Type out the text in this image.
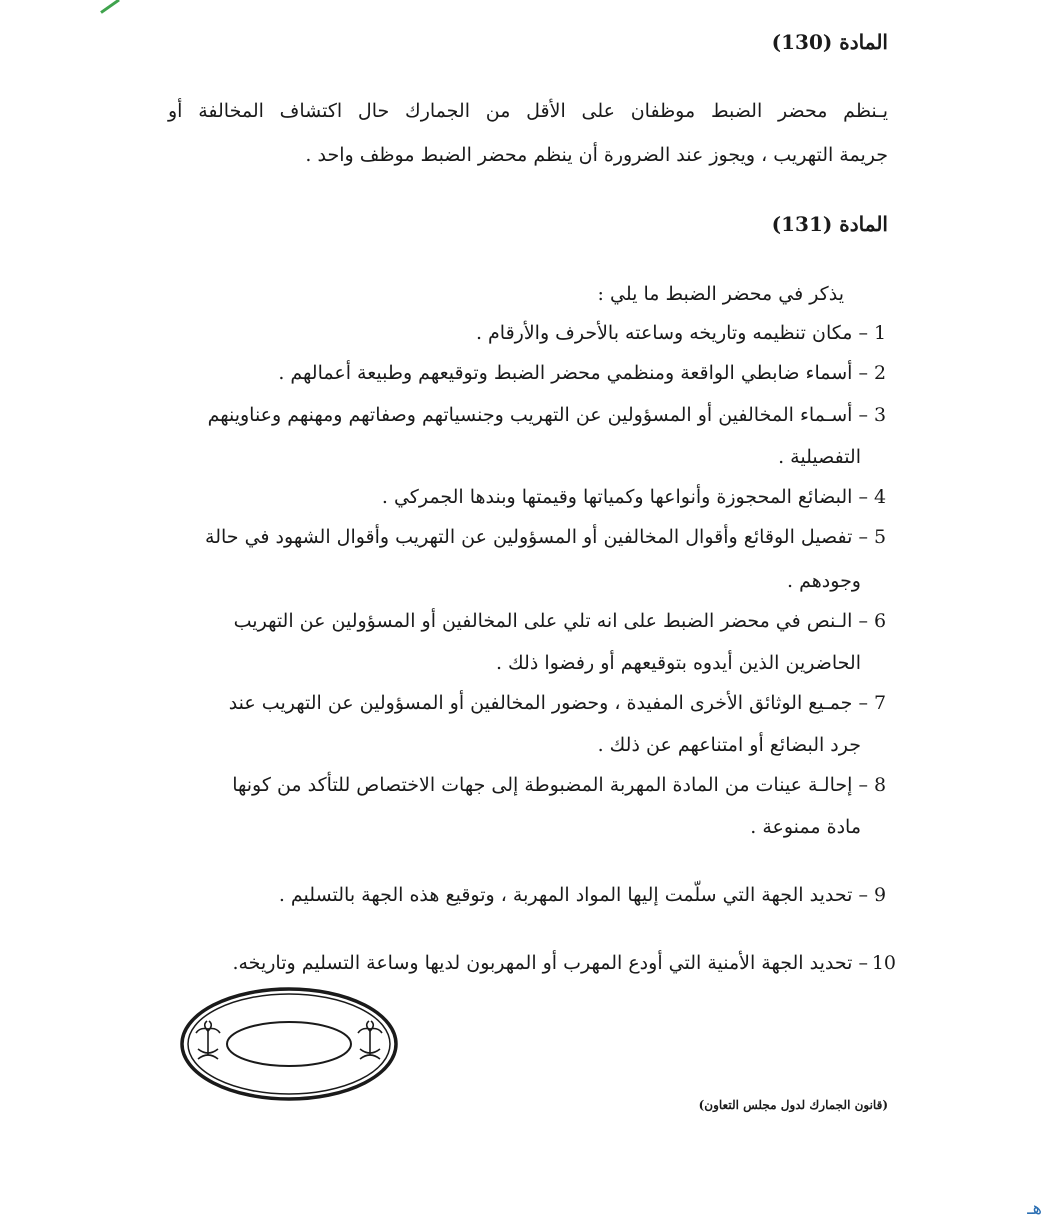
المادة (130)
يـنظم محضر الضبط موظفان على الأقل من الجمارك حال اكتشاف المخالفة أو
جريمة التهريب ، ويجوز عند الضرورة أن ينظم محضر الضبط موظف واحد .
المادة (131)
يذكر في محضر الضبط ما يلي :
1 – مكان تنظيمه وتاريخه وساعته بالأحرف والأرقام .
2 – أسماء ضابطي الواقعة ومنظمي محضر الضبط وتوقيعهم وطبيعة أعمالهم .
3 – أسـماء المخالفين أو المسؤولين عن التهريب وجنسياتهم وصفاتهم ومهنهم وعناوينهم
التفصيلية .
4 – البضائع المحجوزة وأنواعها وكمياتها وقيمتها وبندها الجمركي .
5 – تفصيل الوقائع وأقوال المخالفين أو المسؤولين عن التهريب وأقوال الشهود في حالة
وجودهم .
6 – الـنص في محضر الضبط على انه تلي على المخالفين أو المسؤولين عن التهريب
الحاضرين الذين أيدوه بتوقيعهم أو رفضوا ذلك .
7 – جمـيع الوثائق الأخرى المفيدة ، وحضور المخالفين أو المسؤولين عن التهريب عند
جرد البضائع أو امتناعهم عن ذلك .
8 – إحالـة عينات من المادة المهربة المضبوطة إلى جهات الاختصاص للتأكد من كونها
مادة ممنوعة .
9 – تحديد الجهة التي سلّمت إليها المواد المهربة ، وتوقيع هذه الجهة بالتسليم .
10 – تحديد الجهة الأمنية التي أودع المهرب أو المهربون لديها وساعة التسليم وتاريخه.
(قانون الجمارك لدول مجلس التعاون)
هـ
